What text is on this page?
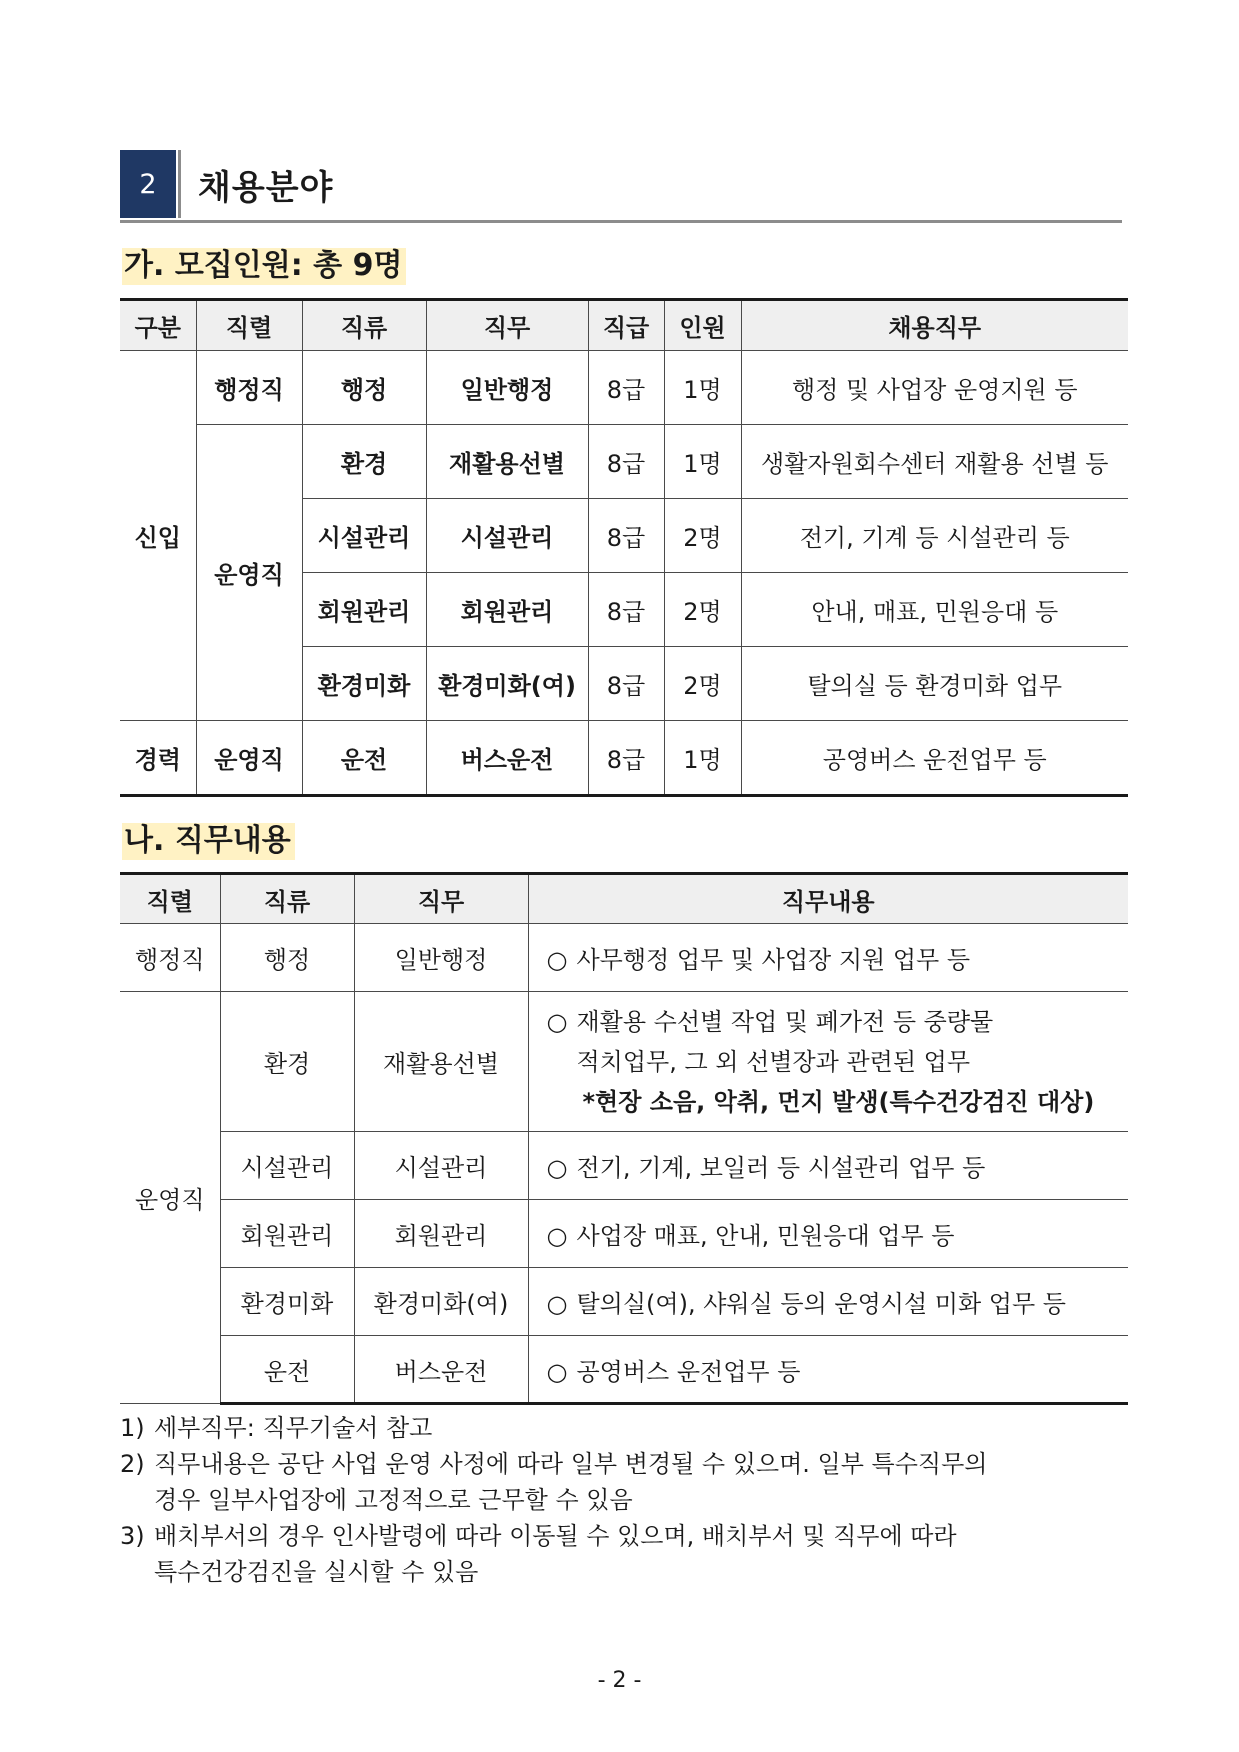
2	채용분야
가. 모집인원: 총 9명
구분	직렬	직류	직무	직급	인원	채용직무
신입	행정직	행정	일반행정	8급	1명	행정 및 사업장 운영지원 등
	운영직	환경	재활용선별	8급	1명	생활자원회수센터 재활용 선별 등
		시설관리	시설관리	8급	2명	전기, 기계 등 시설관리 등
		회원관리	회원관리	8급	2명	안내, 매표, 민원응대 등
		환경미화	환경미화(여)	8급	2명	탈의실 등 환경미화 업무
경력	운영직	운전	버스운전	8급	1명	공영버스 운전업무 등
나. 직무내용
직렬	직류	직무	직무내용
행정직	행정	일반행정	○ 사무행정 업무 및 사업장 지원 업무 등
운영직	환경	재활용선별	○ 재활용 수선별 작업 및 폐가전 등 중량물
적치업무, 그 외 선별장과 관련된 업무
*현장 소음, 악취, 먼지 발생(특수건강검진 대상)

	시설관리	시설관리	○ 전기, 기계, 보일러 등 시설관리 업무 등
	회원관리	회원관리	○ 사업장 매표, 안내, 민원응대 업무 등
	환경미화	환경미화(여)	○ 탈의실(여), 샤워실 등의 운영시설 미화 업무 등
	운전	버스운전	○ 공영버스 운전업무 등
1) 세부직무: 직무기술서 참고
2) 직무내용은 공단 사업 운영 사정에 따라 일부 변경될 수 있으며. 일부 특수직무의
경우 일부사업장에 고정적으로 근무할 수 있음
3) 배치부서의 경우 인사발령에 따라 이동될 수 있으며, 배치부서 및 직무에 따라
특수건강검진을 실시할 수 있음
- 2 -
